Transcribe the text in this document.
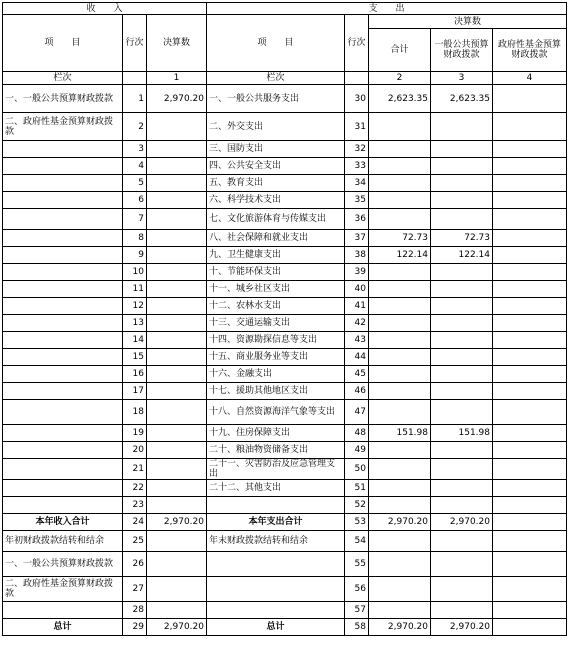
收　　入			支　　出				
项　　目	行次	决算数	项　　目	行次	决算数		
					合计	一般公共预算财政拨款	政府性基金预算财政拨款
栏次		1	栏次		2	3	4
一、一般公共预算财政拨款	1	2,970.20	一、一般公共服务支出	30	2,623.35	2,623.35	
二、政府性基金预算财政拨款	2		二、外交支出	31			
	3		三、国防支出	32			
	4		四、公共安全支出	33			
	5		五、教育支出	34			
	6		六、科学技术支出	35			
	7		七、文化旅游体育与传媒支出	36			
	8		八、社会保障和就业支出	37	72.73	72.73	
	9		九、卫生健康支出	38	122.14	122.14	
	10		十、节能环保支出	39			
	11		十一、城乡社区支出	40			
	12		十二、农林水支出	41			
	13		十三、交通运输支出	42			
	14		十四、资源勘探信息等支出	43			
	15		十五、商业服务业等支出	44			
	16		十六、金融支出	45			
	17		十七、援助其他地区支出	46			
	18		十八、自然资源海洋气象等支出	47			
	19		十九、住房保障支出	48	151.98	151.98	
	20		二十、粮油物资储备支出	49			
	21		二十一、灾害防治及应急管理支出	50			
	22		二十二、其他支出	51			
	23			52			
本年收入合计	24	2,970.20	本年支出合计	53	2,970.20	2,970.20	
年初财政拨款结转和结余	25		年末财政拨款结转和结余	54			
一、一般公共预算财政拨款	26			55			
二、政府性基金预算财政拨款	27			56			
	28			57			
总计	29	2,970.20	总计	58	2,970.20	2,970.20	
